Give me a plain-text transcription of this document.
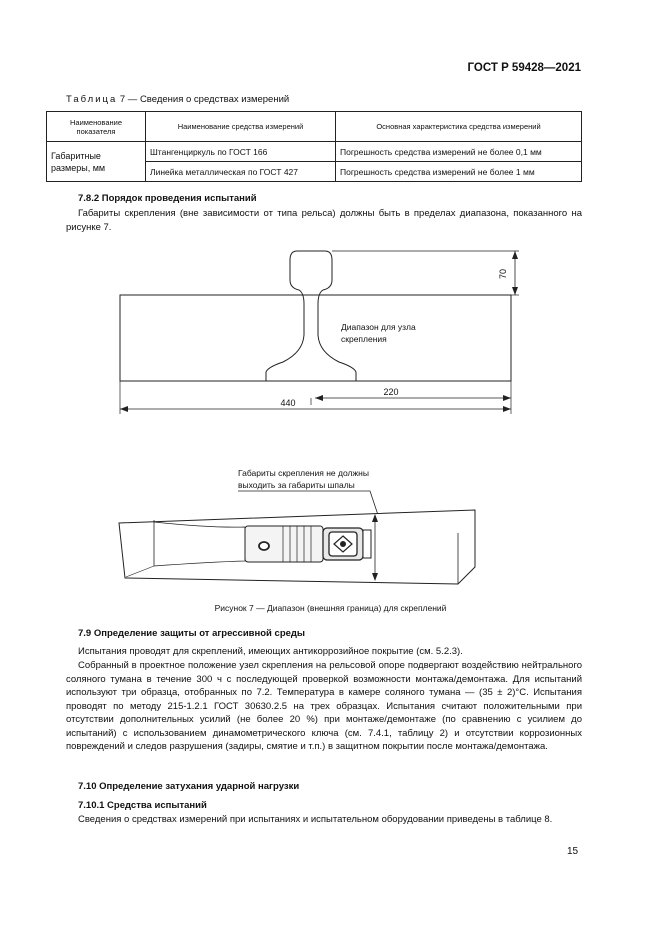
ГОСТ Р 59428—2021
Таблица 7 — Сведения о средствах измерений
Наименование показателя	Наименование средства измерений	Основная характеристика средства измерений
Габаритные размеры, мм	Штангенциркуль по ГОСТ 166	Погрешность средства измерений не более 0,1 мм
	Линейка металлическая по ГОСТ 427	Погрешность средства измерений не более 1 мм
7.8.2 Порядок проведения испытаний
Габариты скрепления (вне зависимости от типа рельса) должны быть в пределах диапазона, показанного на рисунке 7.
70
220
440
Диапазон для узла
скрепления
Габариты скрепления не должны
выходить за габариты шпалы
Рисунок 7 — Диапазон (внешняя граница) для скреплений
7.9 Определение защиты от агрессивной среды
Испытания проводят для скреплений, имеющих антикоррозийное покрытие (см. 5.2.3).
Собранный в проектное положение узел скрепления на рельсовой опоре подвергают воздействию нейтрального соляного тумана в течение 300 ч с последующей проверкой возможности монтажа/демонтажа. Для испытаний используют три образца, отобранных по 7.2. Температура в камере соляного тумана — (35 ± 2)°С. Испытания проводят по методу 215-1.2.1 ГОСТ 30630.2.5 на трех образцах. Испытания считают положительными при отсутствии дополнительных усилий (не более 20 %) при монтаже/демонтаже (по сравнению с усилием до испытаний) с использованием динамометрического ключа (см. 7.4.1, таблицу 2) и отсутствии коррозионных повреждений и следов разрушения (задиры, смятие и т.п.) в защитном покрытии после монтажа/демонтажа.
7.10 Определение затухания ударной нагрузки
7.10.1 Средства испытаний
Сведения о средствах измерений при испытаниях и испытательном оборудовании приведены в таблице 8.
15
